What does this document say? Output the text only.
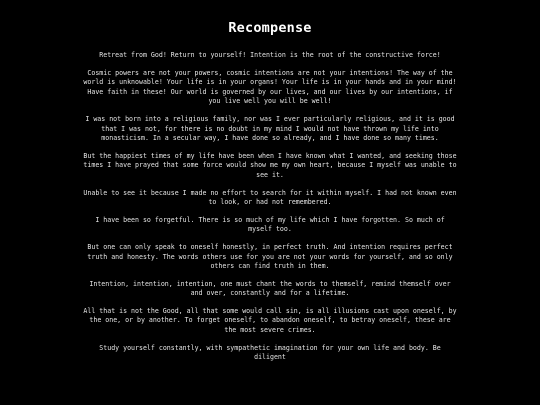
Recompense

Retreat from God! Return to yourself! Intention is the root of the constructive force!

Cosmic powers are not your powers, cosmic intentions are not your intentions! The way of the world is unknowable! Your life is in your organs! Your life is in your hands and in your mind! Have faith in these! Our world is governed by our lives, and our lives by our intentions, if you live well you will be well!

I was not born into a religious family, nor was I ever particularly religious, and it is good that I was not, for there is no doubt in my mind I would not have thrown my life into monasticism. In a secular way, I have done so already, and I have done so many times.

But the happiest times of my life have been when I have known what I wanted, and seeking those times I have prayed that some force would show me my own heart, because I myself was unable to see it.

Unable to see it because I made no effort to search for it within myself. I had not known even to look, or had not remembered.

I have been so forgetful. There is so much of my life which I have forgotten. So much of myself too.

But one can only speak to oneself honestly, in perfect truth. And intention requires perfect truth and honesty. The words others use for you are not your words for yourself, and so only others can find truth in them.

Intention, intention, intention, one must chant the words to themself, remind themself over and over, constantly and for a lifetime.

All that is not the Good, all that some would call sin, is all illusions cast upon oneself, by the one, or by another. To forget oneself, to abandon oneself, to betray oneself, these are the most severe crimes.

Study yourself constantly, with sympathetic imagination for your own life and body. Be diligent
